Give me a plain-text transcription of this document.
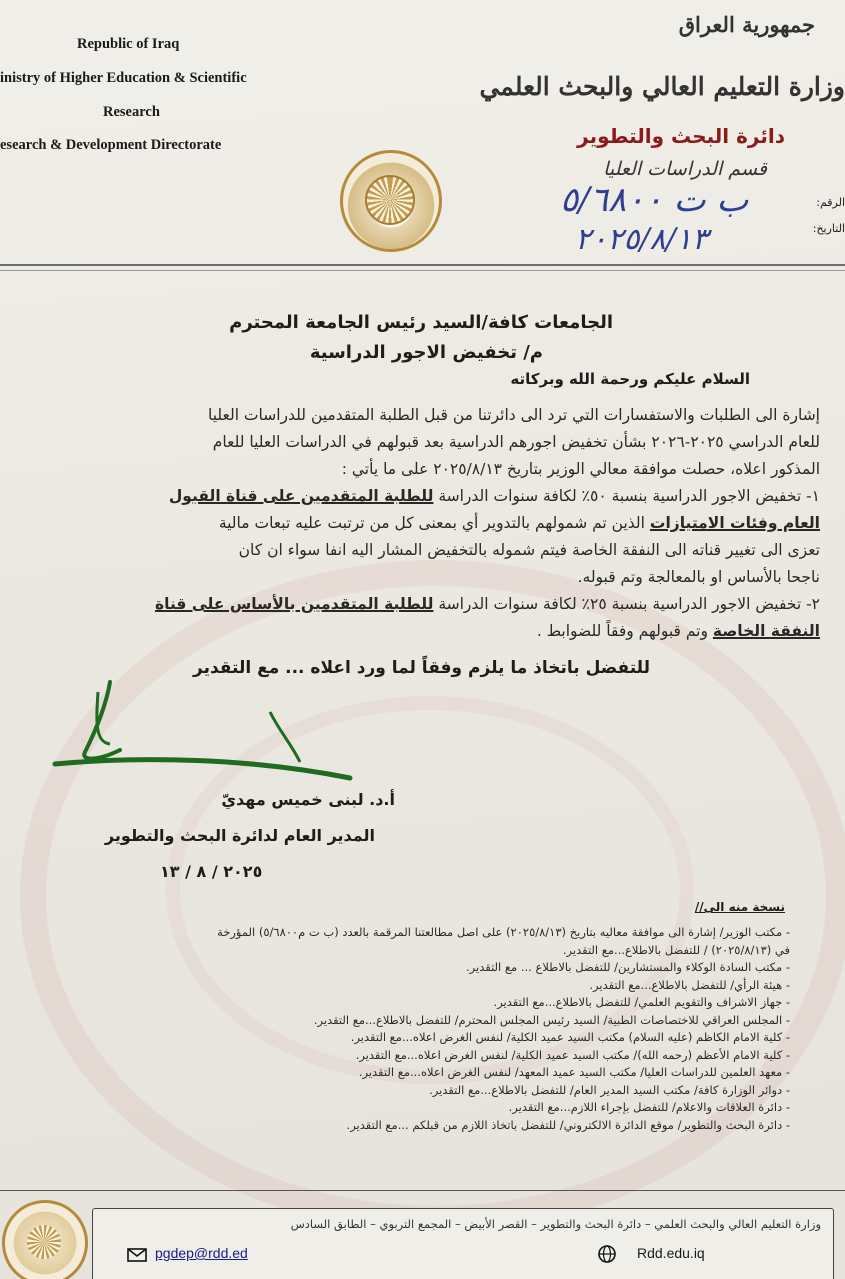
Republic of Iraq
inistry of Higher Education & Scientific
Research
esearch & Development Directorate
جمهورية العراق
وزارة التعليم العالي والبحث العلمي
دائرة البحث والتطوير
قسم الدراسات العليا
الرقم:
التاريخ:
ب ت ٥/٦٨٠٠
٢٠٢٥/٨/١٣
الجامعات كافة/السيد رئيس الجامعة المحترم
م/ تخفيض الاجور الدراسية
السلام عليكم ورحمة الله وبركاته

إشارة الى الطلبات والاستفسارات التي ترد الى دائرتنا من قبل الطلبة المتقدمين للدراسات العليا

للعام الدراسي ٢٠٢٥-٢٠٢٦ بشأن تخفيض اجورهم الدراسية بعد قبولهم في الدراسات العليا للعام

المذكور اعلاه، حصلت موافقة معالي الوزير بتاريخ ٢٠٢٥/٨/١٣ على ما يأتي :

١- تخفيض الاجور الدراسية بنسبة ٥٠٪ لكافة سنوات الدراسة للطلبة المتقدمين على قناة القبول

العام وفئات الامتيازات الذين تم شمولهم بالتدوير أي بمعنى كل من ترتبت عليه تبعات مالية

تعزى الى تغيير قناته الى النفقة الخاصة فيتم شموله بالتخفيض المشار اليه انفا سواء ان كان

ناجحا بالأساس او بالمعالجة وتم قبوله.

٢- تخفيض الاجور الدراسية بنسبة ٢٥٪ لكافة سنوات الدراسة للطلبة المتقدمين بالأساس على قناة

النفقة الخاصة وتم قبولهم وفقاً للضوابط .

للتفضل باتخاذ ما يلزم وفقاً لما ورد اعلاه ... مع التقدير
أ.د. لبنى خميس مهديّ
المدير العام لدائرة البحث والتطوير
٢٠٢٥ / ٨ / ١٣
نسخة منه الى//
- مكتب الوزير/ إشارة الى موافقة معاليه بتاريخ (٢٠٢٥/٨/١٣) على اصل مطالعتنا المرقمة بالعدد (ب ت م٥/٦٨٠٠) المؤرخة
في (٢٠٢٥/٨/١٣) / للتفضل بالاطلاع...مع التقدير.
- مكتب السادة الوكلاء والمستشارين/ للتفضل بالاطلاع ... مع التقدير.
- هيئة الرأي/ للتفضل بالاطلاع...مع التقدير.
- جهاز الاشراف والتقويم العلمي/ للتفضل بالاطلاع...مع التقدير.
- المجلس العراقي للاختصاصات الطبية/ السيد رئيس المجلس المحترم/ للتفضل بالاطلاع...مع التقدير.
- كلية الامام الكاظم (عليه السلام) مكتب السيد عميد الكلية/ لنفس الغرض اعلاه...مع التقدير.
- كلية الامام الأعظم (رحمه الله)/ مكتب السيد عميد الكلية/ لنفس الغرض اعلاه...مع التقدير.
- معهد العلمين للدراسات العليا/ مكتب السيد عميد المعهد/ لنفس الغرض اعلاه...مع التقدير.
- دوائر الوزارة كافة/ مكتب السيد المدير العام/ للتفضل بالاطلاع...مع التقدير.
- دائرة العلاقات والاعلام/ للتفضل بإجراء اللازم...مع التقدير.
- دائرة البحث والتطوير/ موقع الدائرة الالكتروني/ للتفضل باتخاذ اللازم من قبلكم ...مع التقدير.
وزارة التعليم العالي والبحث العلمي – دائرة البحث والتطوير – القصر الأبيض – المجمع التربوي – الطابق السادس
pgdep@rdd.ed	Rdd.edu.iq
